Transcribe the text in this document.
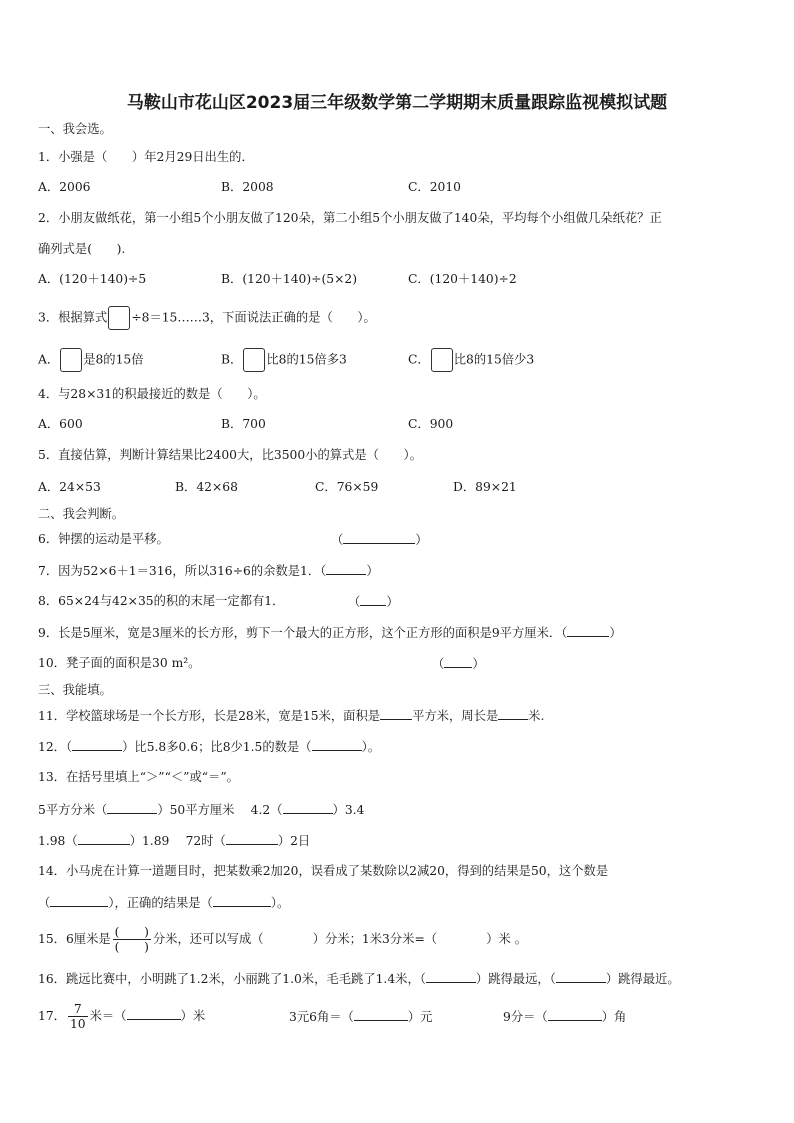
马鞍山市花山区2023届三年级数学第二学期期末质量跟踪监视模拟试题
一、我会选。
1．小强是（　　）年2月29日出生的．
A．2006	B．2008	C．2010
2．小朋友做纸花，第一小组5个小朋友做了120朵，第二小组5个小朋友做了140朵，平均每个小组做几朵纸花？正
确列式是(　　).
A．(120＋140)÷5	B．(120＋140)÷(5×2)	C．(120＋140)÷2
3．根据算式 ÷8＝15……3，下面说法正确的是（　　）。
A． 是8的15倍	B． 比8的15倍多3	C． 比8的15倍少3
4．与28×31的积最接近的数是（　　）。
A．600	B．700	C．900
5．直接估算，判断计算结果比2400大，比3500小的算式是（　　）。
A．24×53	B．42×68	C．76×59	D．89×21
二、我会判断。
6．钟摆的运动是平移。	（	）
7．因为52×6＋1＝316，所以316÷6的余数是1．（	）
8．65×24与42×35的积的末尾一定都有1．	（ ）
9．长是5厘米，宽是3厘米的长方形，剪下一个最大的正方形，这个正方形的面积是9平方厘米．（	）
10．凳子面的面积是30 m²。	（ ）
三、我能填。
11．学校篮球场是一个长方形，长是28米，宽是15米，面积是	平方米，周长是 米.
12．（	）比5.8多0.6；比8少1.5的数是（	）。
13．在括号里填上“＞”“＜”或“＝”。
5平方分米（	）50平方厘米　 4.2（	）3.4
1.98（	）1.89　 72时（	）2日
14．小马虎在计算一道题目时，把某数乘2加20，误看成了某数除以2减20，得到的结果是50，这个数是
（	），正确的结果是（	）。
15．6厘米是 $\frac{( )}{( )}$ 分米，还可以写成（　　　　）分米；1米3分米=（　　　　）米 。
16．跳远比赛中，小明跳了1.2米，小丽跳了1.0米，毛毛跳了1.4米，（	）跳得最远，（	）跳得最近。
17． $\frac{7}{10}$ 米＝（	）米	3元6角＝（	）元	9分＝（	）角
